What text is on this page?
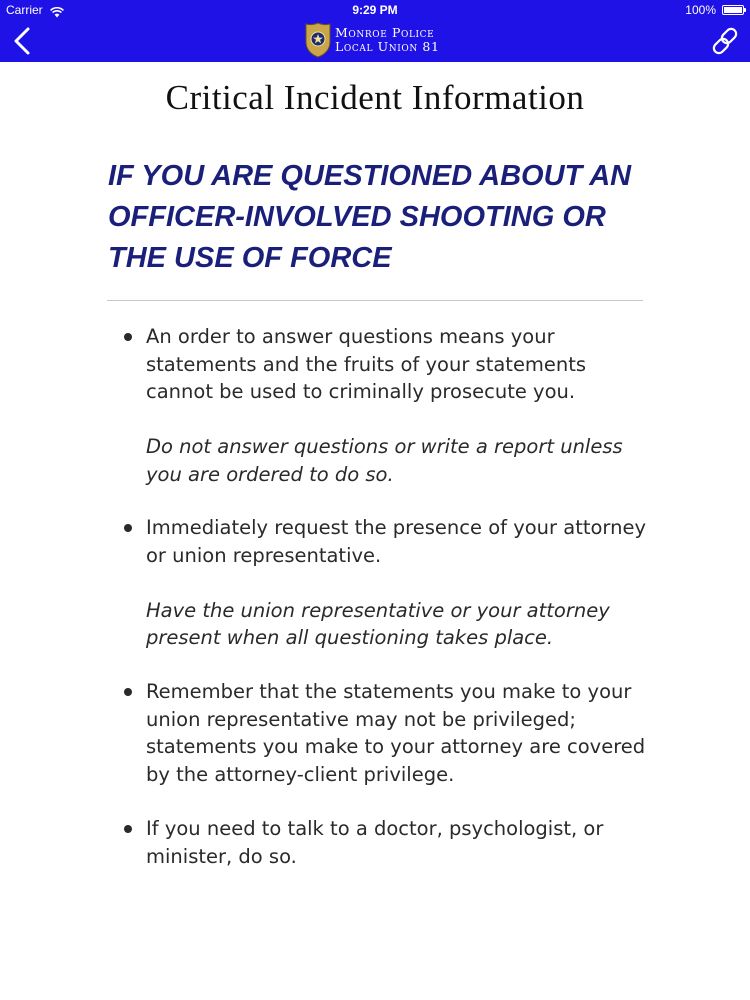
Carrier	9:29 PM	100%
Monroe Police
Local Union 81
Critical Incident Information
IF YOU ARE QUESTIONED ABOUT AN OFFICER-INVOLVED SHOOTING OR THE USE OF FORCE
An order to answer questions means your statements and the fruits of your statements cannot be used to criminally prosecute you.
Do not answer questions or write a report unless you are ordered to do so.
Immediately request the presence of your attorney or union representative.
Have the union representative or your attorney present when all questioning takes place.
Remember that the statements you make to your union representative may not be privileged; statements you make to your attorney are covered by the attorney-client privilege.
If you need to talk to a doctor, psychologist, or minister, do so.
